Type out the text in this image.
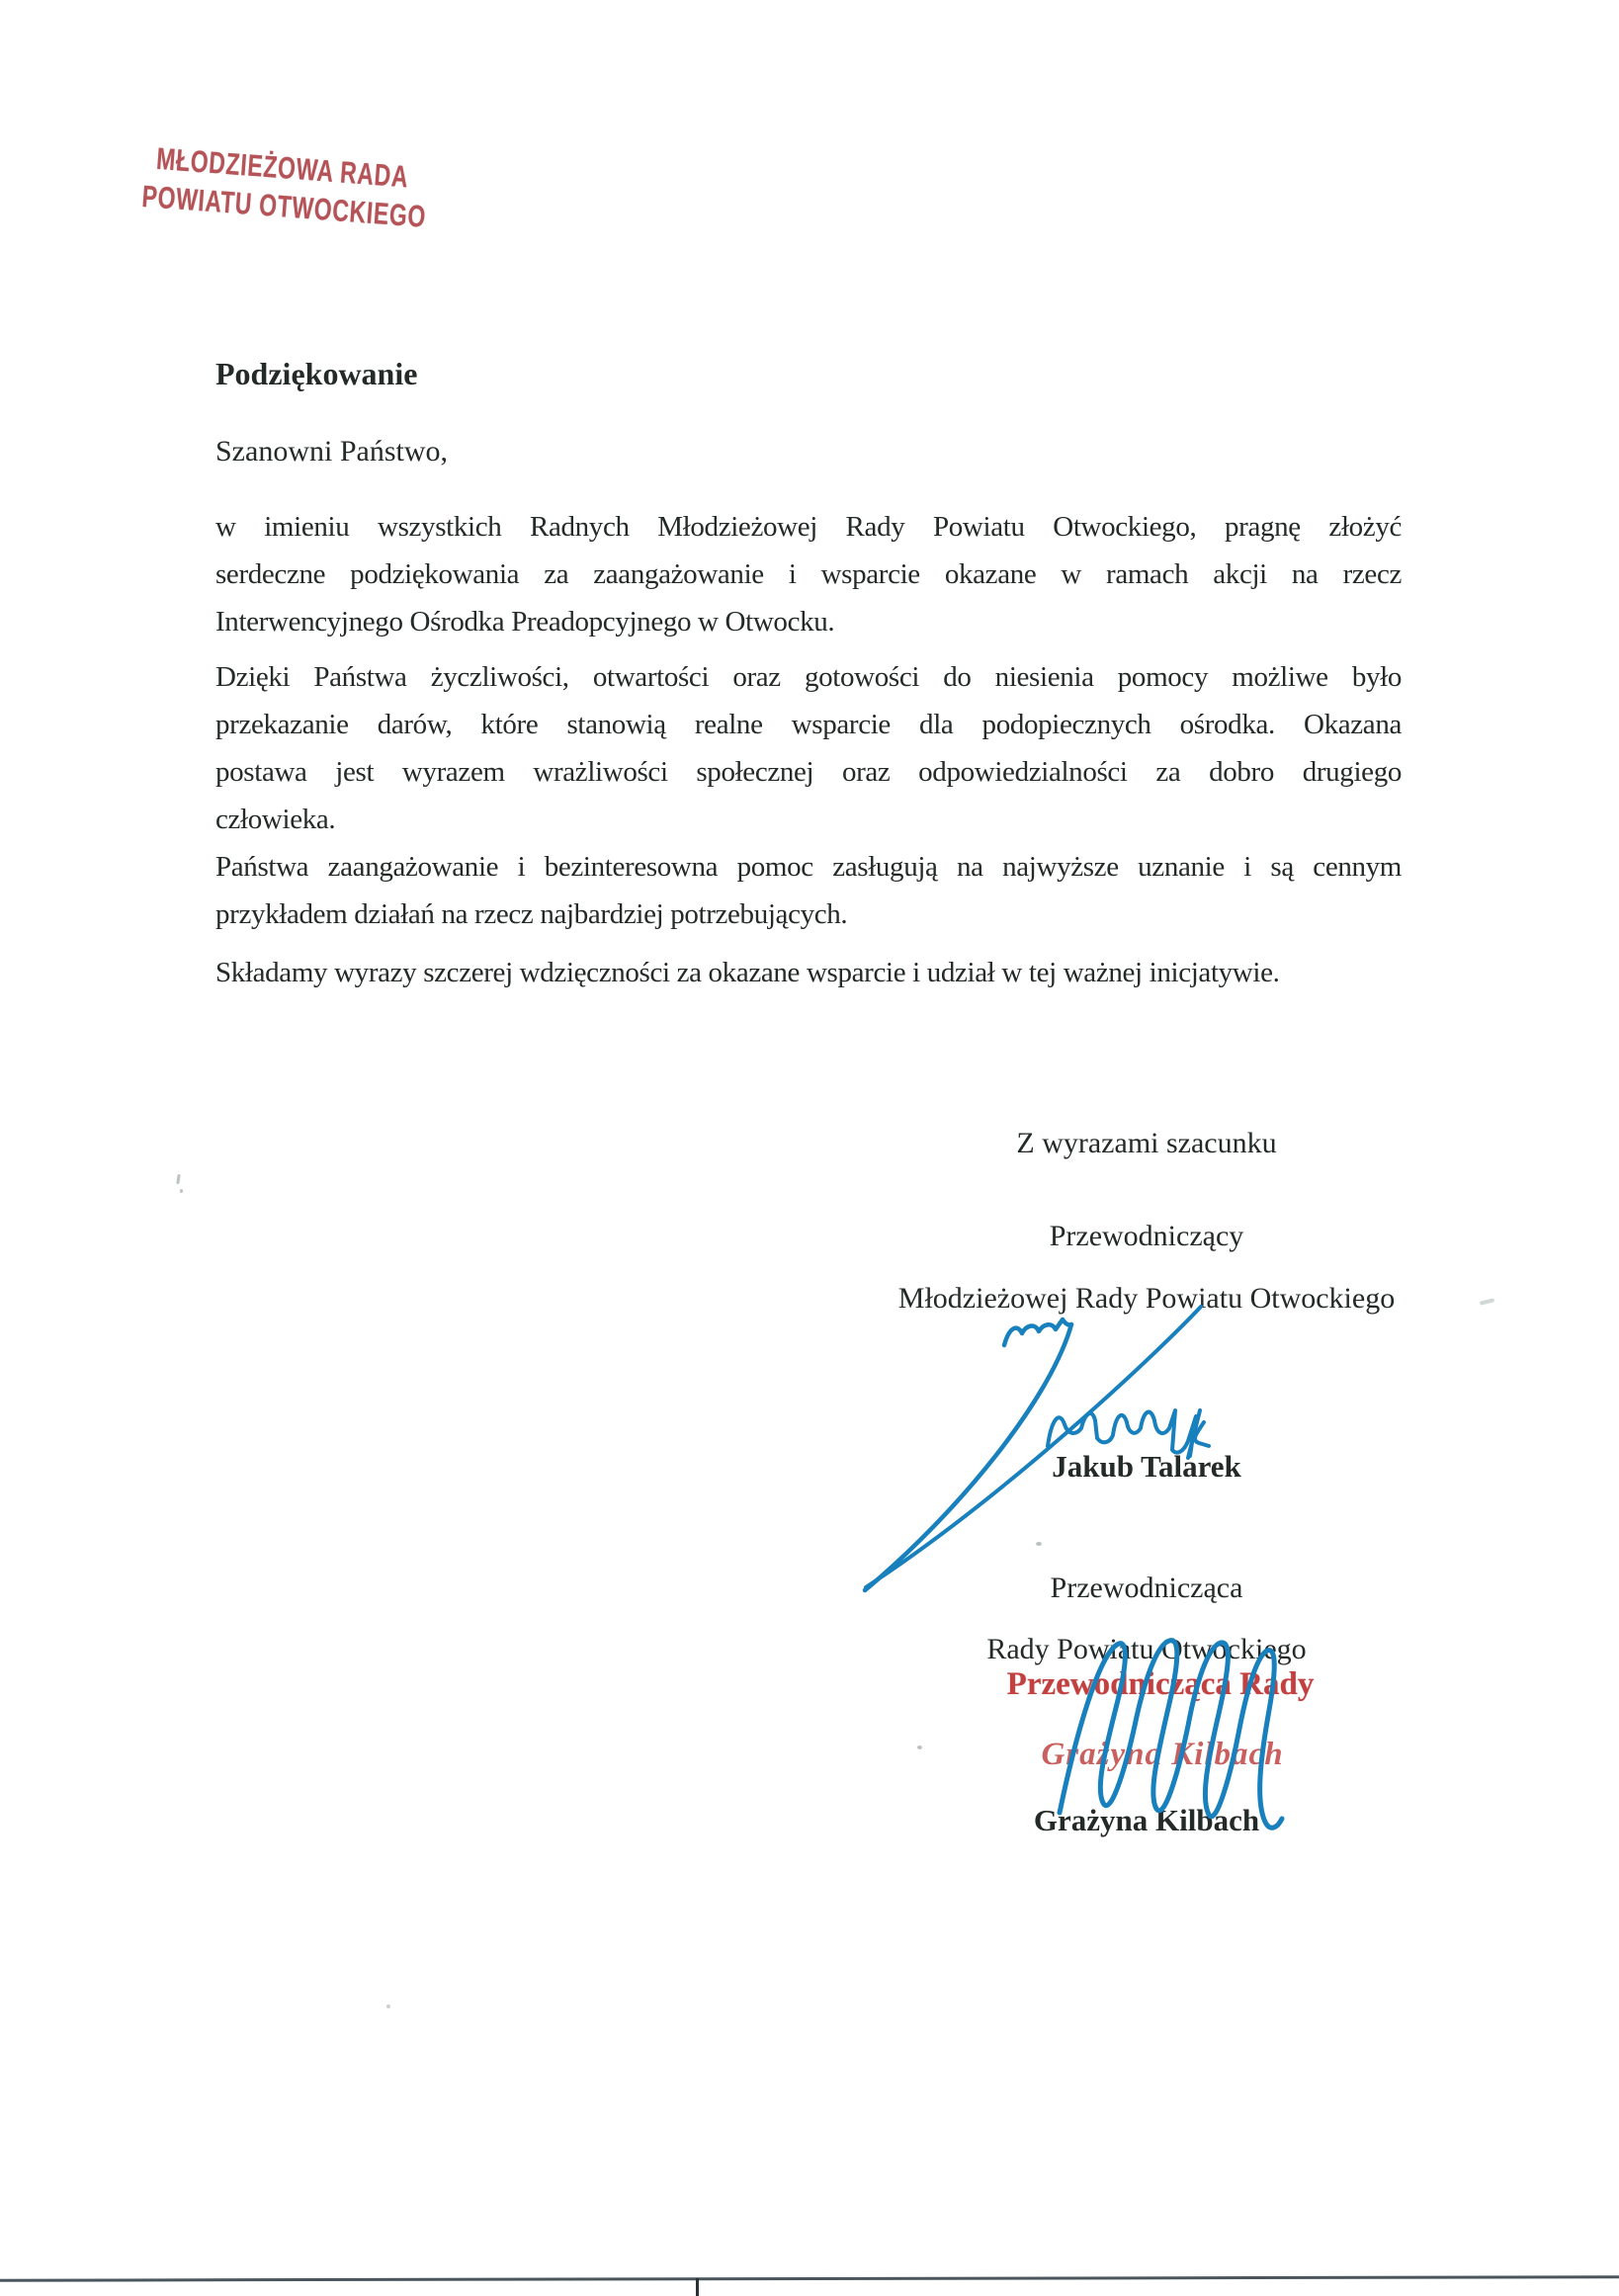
MŁODZIEŻOWA RADA
POWIATU OTWOCKIEGO
Podziękowanie
Szanowni Państwo,
w imieniu wszystkich Radnych Młodzieżowej Rady Powiatu Otwockiego, pragnę złożyć
serdeczne podziękowania za zaangażowanie i wsparcie okazane w ramach akcji na rzecz
Interwencyjnego Ośrodka Preadopcyjnego w Otwocku.
Dzięki Państwa życzliwości, otwartości oraz gotowości do niesienia pomocy możliwe było
przekazanie darów, które stanowią realne wsparcie dla podopiecznych ośrodka. Okazana
postawa jest wyrazem wrażliwości społecznej oraz odpowiedzialności za dobro drugiego
człowieka.
Państwa zaangażowanie i bezinteresowna pomoc zasługują na najwyższe uznanie i są cennym
przykładem działań na rzecz najbardziej potrzebujących.
Składamy wyrazy szczerej wdzięczności za okazane wsparcie i udział w tej ważnej inicjatywie.
Z wyrazami szacunku
Przewodniczący
Młodzieżowej Rady Powiatu Otwockiego
Jakub Talarek
Przewodnicząca
Rady Powiatu Otwockiego
Przewodnicząca Rady
Grażyna Kilbach
Grażyna Kilbach
